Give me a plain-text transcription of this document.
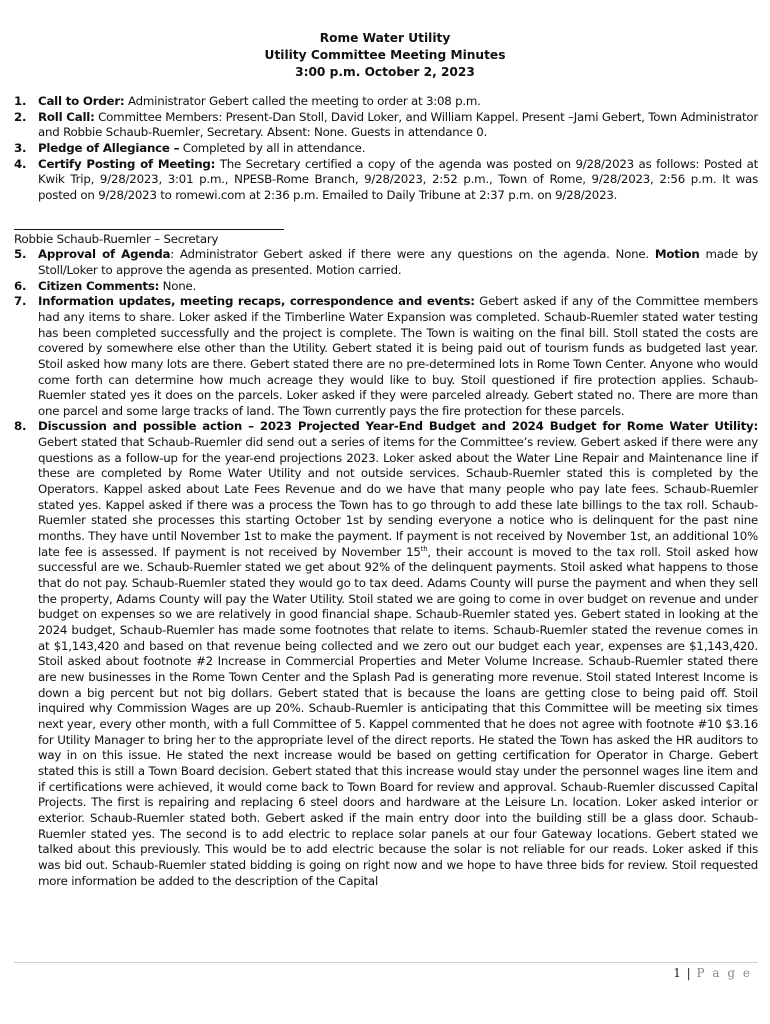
Rome Water Utility
Utility Committee Meeting Minutes
3:00 p.m. October 2, 2023
1. Call to Order: Administrator Gebert called the meeting to order at 3:08 p.m.
2. Roll Call: Committee Members: Present-Dan Stoll, David Loker, and William Kappel. Present –Jami Gebert, Town Administrator and Robbie Schaub-Ruemler, Secretary. Absent: None. Guests in attendance 0.
3. Pledge of Allegiance – Completed by all in attendance.
4. Certify Posting of Meeting: The Secretary certified a copy of the agenda was posted on 9/28/2023 as follows: Posted at Kwik Trip, 9/28/2023, 3:01 p.m., NPESB-Rome Branch, 9/28/2023, 2:52 p.m., Town of Rome, 9/28/2023, 2:56 p.m. It was posted on 9/28/2023 to romewi.com at 2:36 p.m. Emailed to Daily Tribune at 2:37 p.m. on 9/28/2023.
Robbie Schaub-Ruemler – Secretary
5. Approval of Agenda: Administrator Gebert asked if there were any questions on the agenda. None. Motion made by Stoll/Loker to approve the agenda as presented. Motion carried.
6. Citizen Comments: None.
7. Information updates, meeting recaps, correspondence and events: Gebert asked if any of the Committee members had any items to share. Loker asked if the Timberline Water Expansion was completed. Schaub-Ruemler stated water testing has been completed successfully and the project is complete. The Town is waiting on the final bill. Stoll stated the costs are covered by somewhere else other than the Utility. Gebert stated it is being paid out of tourism funds as budgeted last year. Stoil asked how many lots are there. Gebert stated there are no pre-determined lots in Rome Town Center. Anyone who would come forth can determine how much acreage they would like to buy. Stoil questioned if fire protection applies. Schaub-Ruemler stated yes it does on the parcels. Loker asked if they were parceled already. Gebert stated no. There are more than one parcel and some large tracks of land. The Town currently pays the fire protection for these parcels.
8. Discussion and possible action – 2023 Projected Year-End Budget and 2024 Budget for Rome Water Utility: Gebert stated that Schaub-Ruemler did send out a series of items for the Committee’s review. Gebert asked if there were any questions as a follow-up for the year-end projections 2023. Loker asked about the Water Line Repair and Maintenance line if these are completed by Rome Water Utility and not outside services. Schaub-Ruemler stated this is completed by the Operators. Kappel asked about Late Fees Revenue and do we have that many people who pay late fees. Schaub-Ruemler stated yes. Kappel asked if there was a process the Town has to go through to add these late billings to the tax roll. Schaub-Ruemler stated she processes this starting October 1st by sending everyone a notice who is delinquent for the past nine months. They have until November 1st to make the payment. If payment is not received by November 1st, an additional 10% late fee is assessed. If payment is not received by November 15th, their account is moved to the tax roll. Stoil asked how successful are we. Schaub-Ruemler stated we get about 92% of the delinquent payments. Stoil asked what happens to those that do not pay. Schaub-Ruemler stated they would go to tax deed. Adams County will purse the payment and when they sell the property, Adams County will pay the Water Utility. Stoil stated we are going to come in over budget on revenue and under budget on expenses so we are relatively in good financial shape. Schaub-Ruemler stated yes. Gebert stated in looking at the 2024 budget, Schaub-Ruemler has made some footnotes that relate to items. Schaub-Ruemler stated the revenue comes in at $1,143,420 and based on that revenue being collected and we zero out our budget each year, expenses are $1,143,420. Stoil asked about footnote #2 Increase in Commercial Properties and Meter Volume Increase. Schaub-Ruemler stated there are new businesses in the Rome Town Center and the Splash Pad is generating more revenue. Stoil stated Interest Income is down a big percent but not big dollars. Gebert stated that is because the loans are getting close to being paid off. Stoil inquired why Commission Wages are up 20%. Schaub-Ruemler is anticipating that this Committee will be meeting six times next year, every other month, with a full Committee of 5. Kappel commented that he does not agree with footnote #10 $3.16 for Utility Manager to bring her to the appropriate level of the direct reports. He stated the Town has asked the HR auditors to way in on this issue. He stated the next increase would be based on getting certification for Operator in Charge. Gebert stated this is still a Town Board decision. Gebert stated that this increase would stay under the personnel wages line item and if certifications were achieved, it would come back to Town Board for review and approval. Schaub-Ruemler discussed Capital Projects. The first is repairing and replacing 6 steel doors and hardware at the Leisure Ln. location. Loker asked interior or exterior. Schaub-Ruemler stated both. Gebert asked if the main entry door into the building still be a glass door. Schaub-Ruemler stated yes. The second is to add electric to replace solar panels at our four Gateway locations. Gebert stated we talked about this previously. This would be to add electric because the solar is not reliable for our reads. Loker asked if this was bid out. Schaub-Ruemler stated bidding is going on right now and we hope to have three bids for review. Stoil requested more information be added to the description of the Capital
1 | P a g e
